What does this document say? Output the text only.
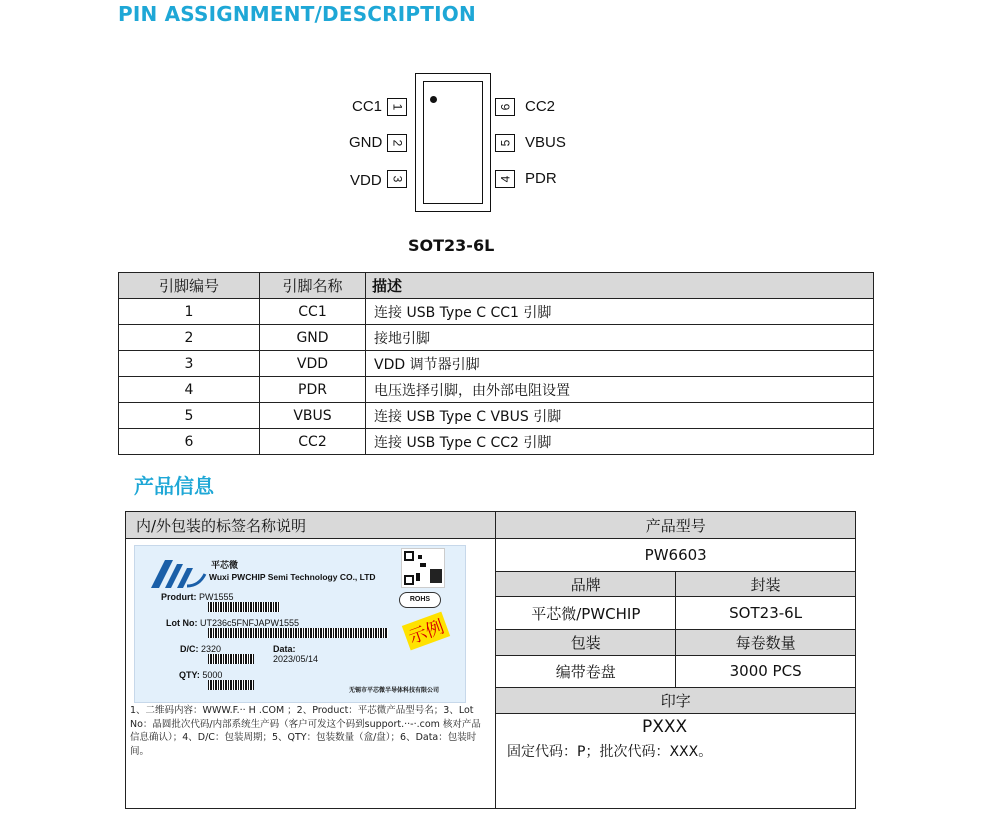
PIN ASSIGNMENT/DESCRIPTION
CC1 1
GND 2
VDD 3
6 CC2
5 VBUS
4 PDR
SOT23-6L
引脚编号	引脚名称	描述
1	CC1	连接 USB Type C CC1 引脚
2	GND	接地引脚
3	VDD	VDD 调节器引脚
4	PDR	电压选择引脚，由外部电阻设置
5	VBUS	连接 USB Type C VBUS 引脚
6	CC2	连接 USB Type C CC2 引脚
产品信息
内/外包装的标签名称说明	产品型号	
	PW6603	
	品牌	封装
	平芯微/PWCHIP	SOT23-6L
	包装	每卷数量
	编带卷盘	3000 PCS
	印字	

PXXX
固定代码：P；批次代码：XXX。
平芯微
Wuxi PWCHIP Semi Technology CO., LTD
Produrt: PW1555	ROHS
Lot No: UT236c5FNFJAPW1555	示例
D/C: 2320	Data:
2023/05/14
QTY: 5000
无锡市平芯微半导体科技有限公司
1、二维码内容：WWW.F.·· H .COM ；2、Product：平芯微产品型号名；3、Lot No：晶圆批次代码/内部系统生产码（客户可发这个码到support.··-·.com 核对产品信息确认）；4、D/C：包装周期；5、QTY：包装数量（盒/盘）；6、Data：包装时间。
